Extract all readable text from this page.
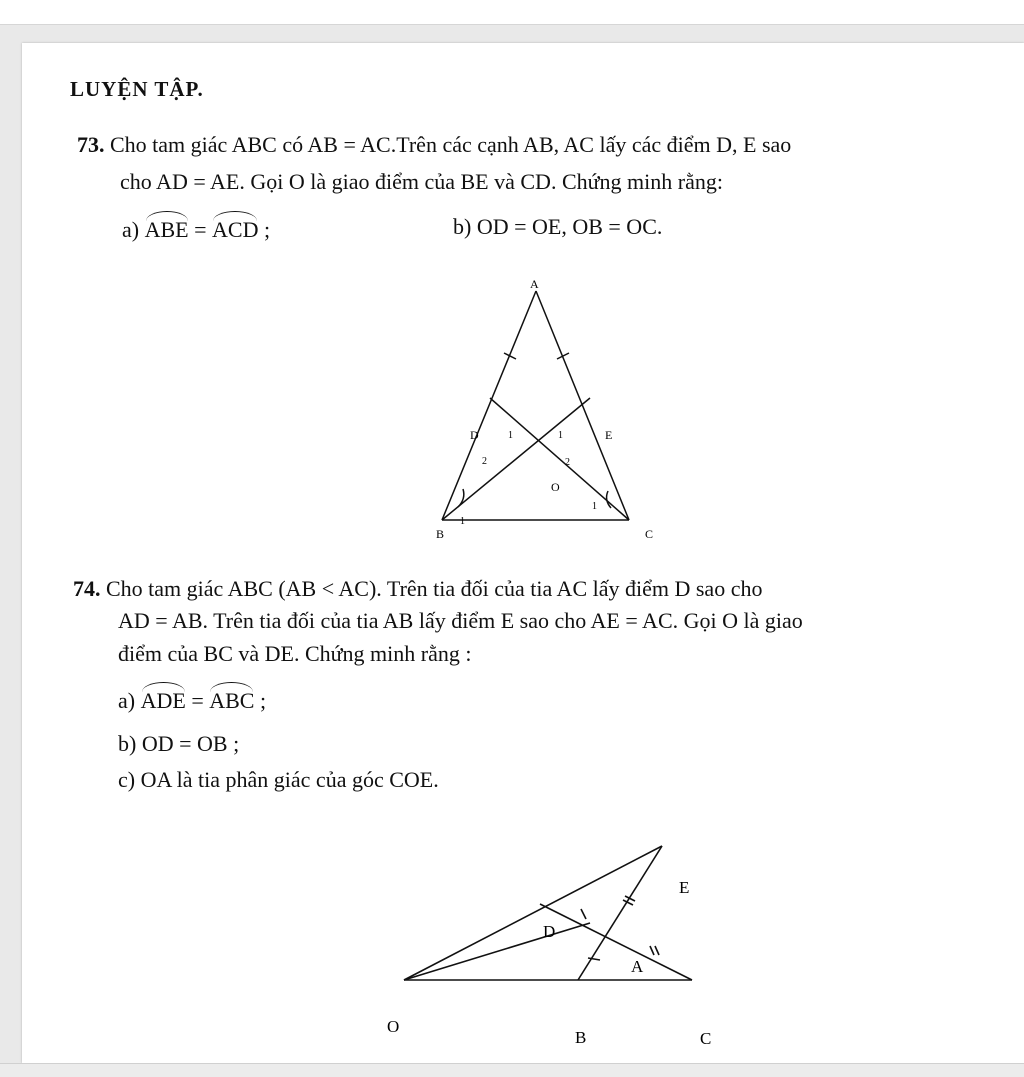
LUYỆN TẬP.
73. Cho tam giác ABC có AB = AC.Trên các cạnh AB, AC lấy các điểm D, E sao
cho AD = AE. Gọi O là giao điểm của BE và CD. Chứng minh rằng:
a) ABE = ACD ;	b) OD = OE, OB = OC.
A
D	E
O
B	C
1
2
1
2
1
1
74. Cho tam giác ABC (AB < AC). Trên tia đối của tia AC lấy điểm D sao cho
AD = AB. Trên tia đối của tia AB lấy điểm E sao cho AE = AC. Gọi O là giao
điểm của BC và DE. Chứng minh rằng :
a) ADE = ABC ;
b) OD = OB ;
c) OA là tia phân giác của góc COE.
E
D
A
O
B	C
